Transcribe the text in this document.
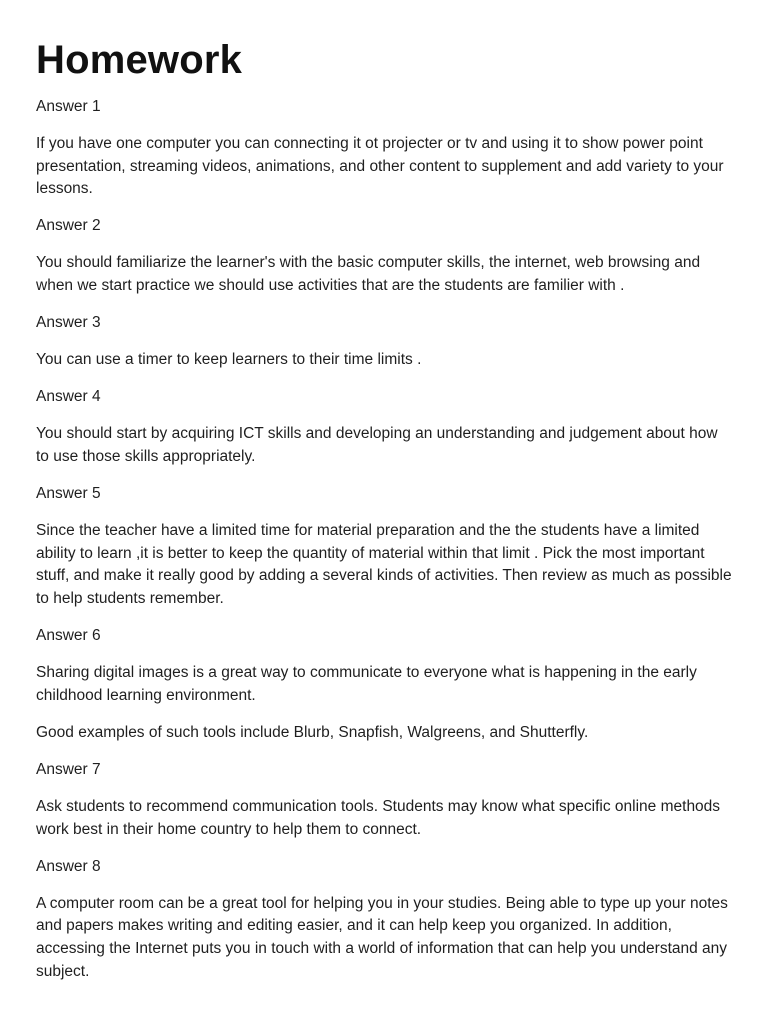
Homework

Answer 1

If you have one computer you can connecting it ot projecter or tv and using it to show power point presentation, streaming videos, animations, and other content to supplement and add variety to your lessons.

Answer 2

You should familiarize the learner's with the basic computer skills, the internet, web browsing and when we start practice we should use activities that are the students are familier with .

Answer 3

You can use a timer to keep learners to their time limits .

Answer 4

You should start by acquiring ICT skills and developing an understanding and judgement about how to use those skills appropriately.

Answer 5

Since the teacher have a limited time for material preparation and the the students have a limited ability to learn ,it is better to keep the quantity of material within that limit . Pick the most important stuff, and make it really good by adding a several kinds of activities. Then review as much as possible to help students remember.

Answer 6

Sharing digital images is a great way to communicate to everyone what is happening in the early childhood learning environment.

Good examples of such tools include Blurb, Snapfish, Walgreens, and Shutterfly.

Answer 7

Ask students to recommend communication tools. Students may know what specific online methods work best in their home country to help them to connect.

Answer 8

A computer room can be a great tool for helping you in your studies. Being able to type up your notes and papers makes writing and editing easier, and it can help keep you organized. In addition, accessing the Internet puts you in touch with a world of information that can help you understand any subject.
